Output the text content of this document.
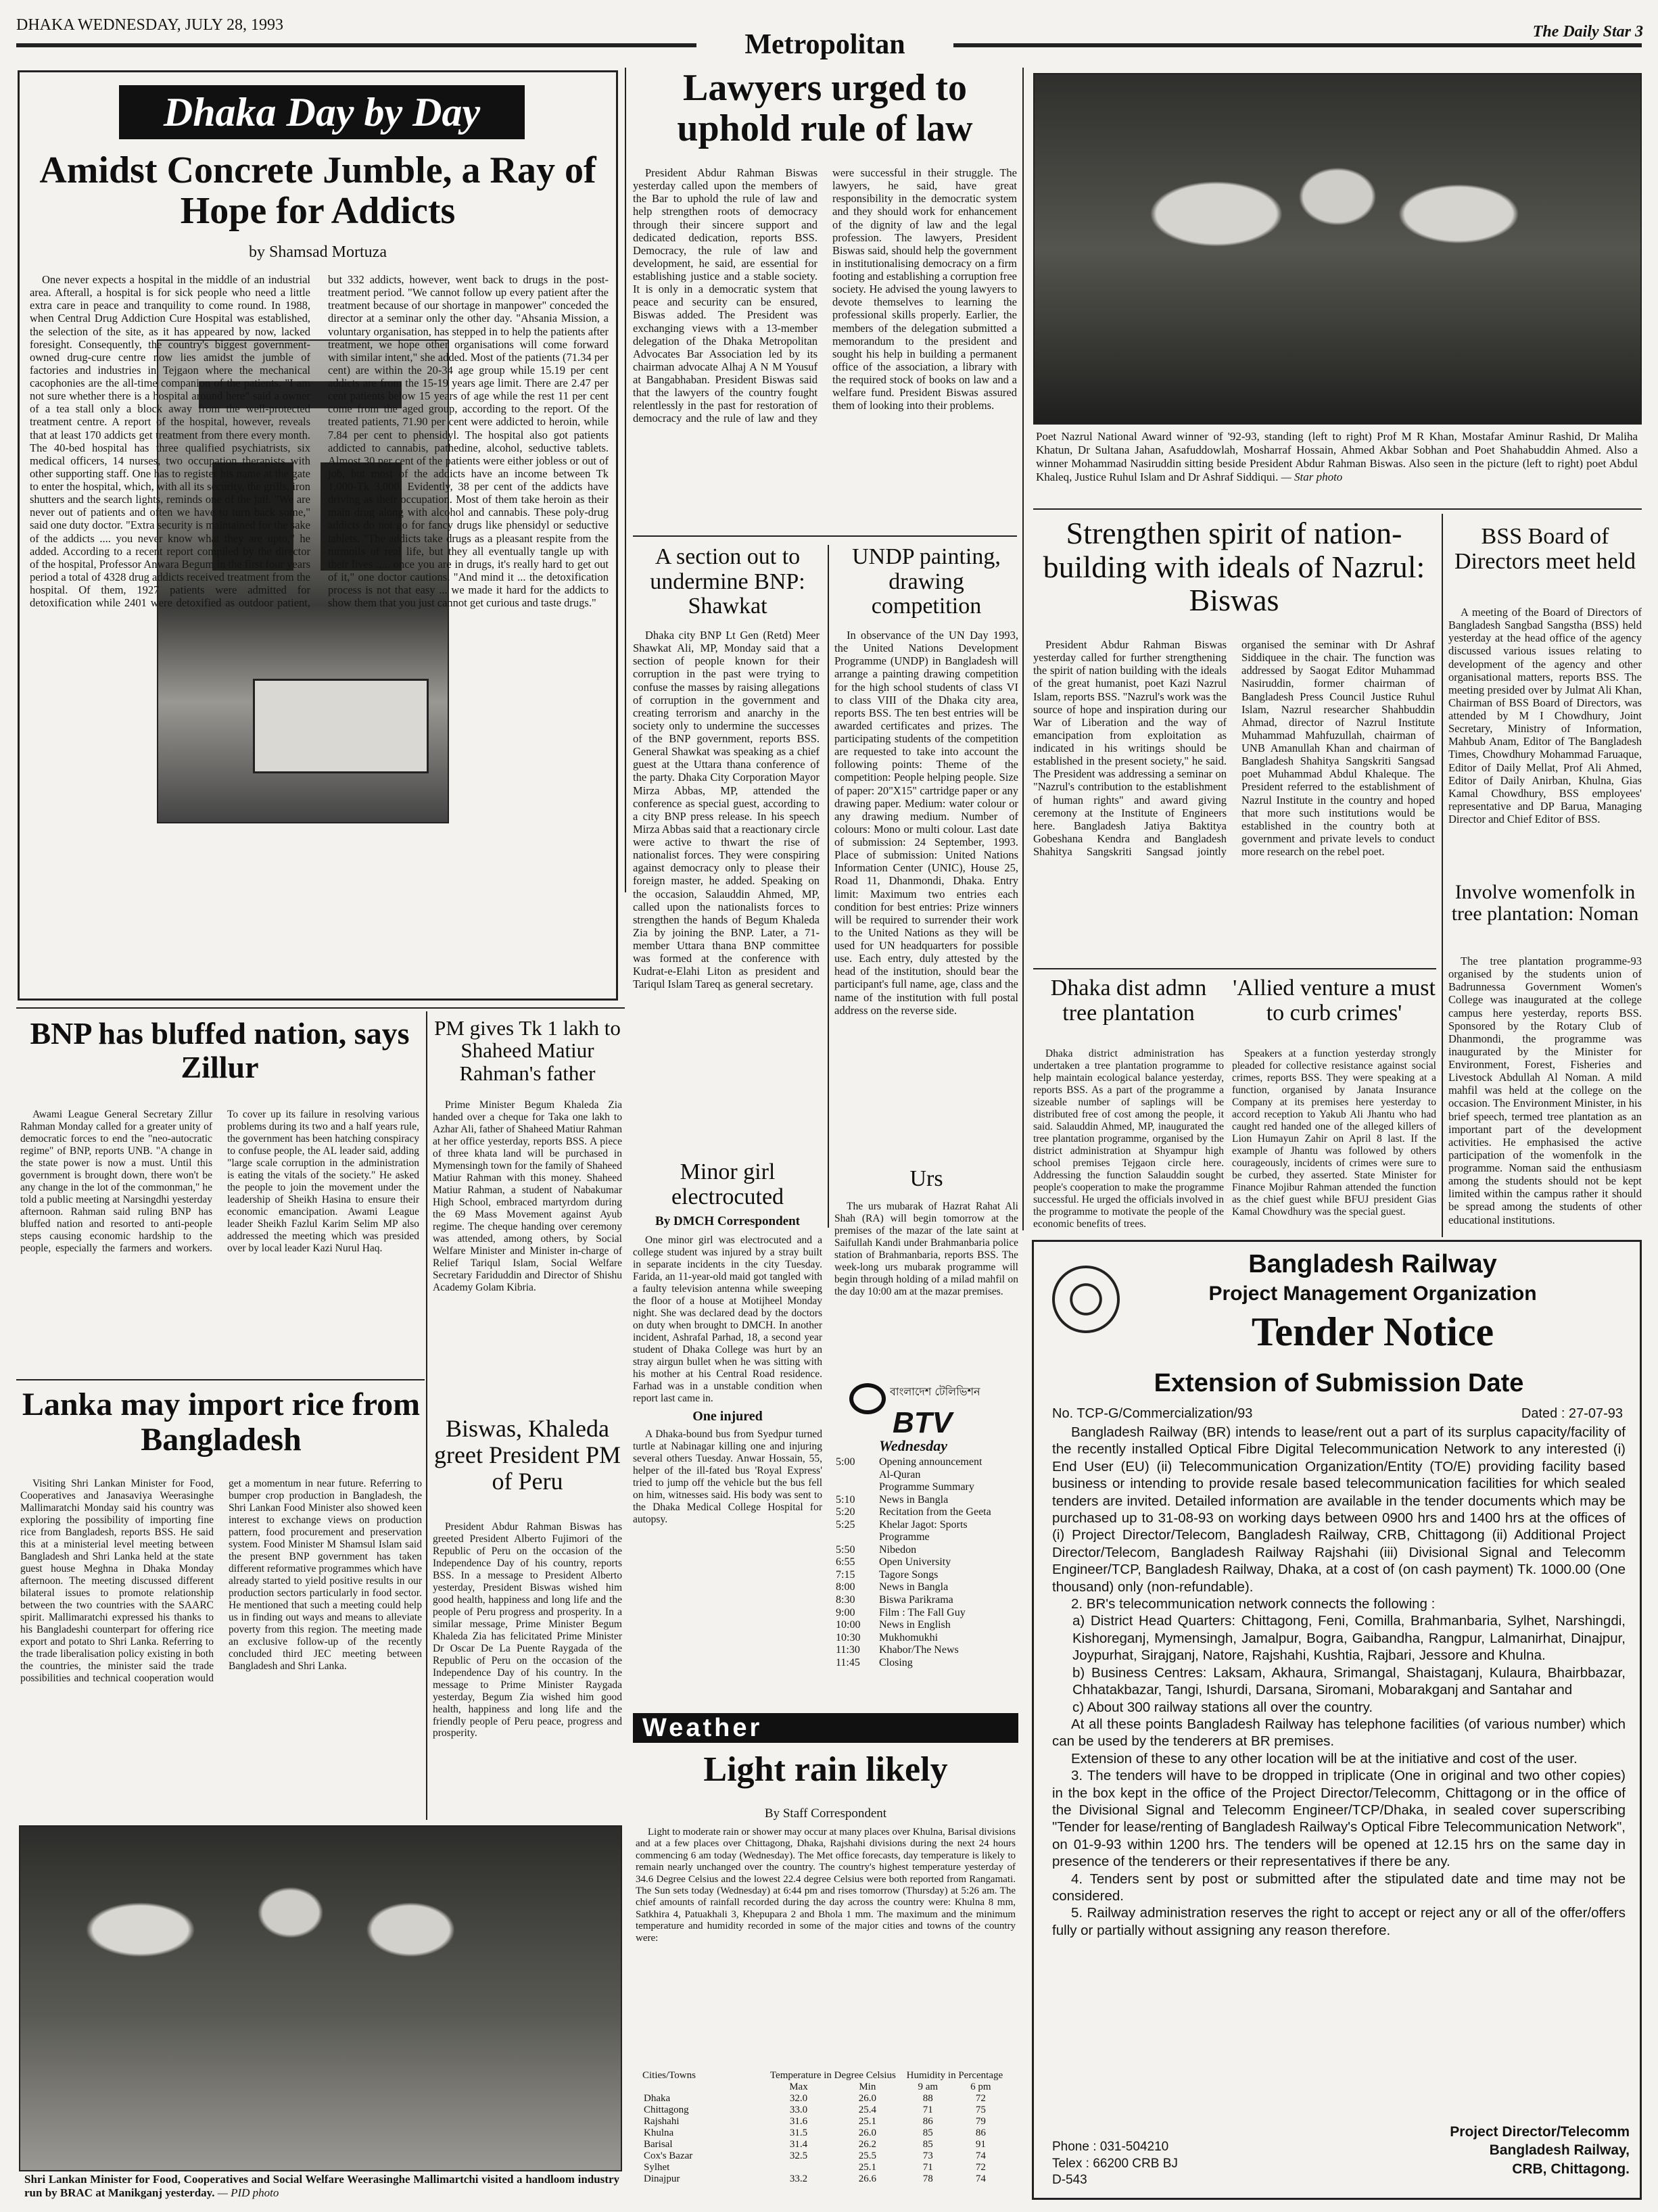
DHAKA WEDNESDAY, JULY 28, 1993
Metropolitan	The Daily Star 3
Dhaka Day by Day
Amidst Concrete Jumble, a Ray of Hope for Addicts
by Shamsad Mortuza

One never expects a hospital in the middle of an industrial area. Afterall, a hospital is for sick people who need a little extra care in peace and tranquility to come round. In 1988, when Central Drug Addiction Cure Hospital was established, the selection of the site, as it has appeared by now, lacked foresight. Consequently, the country's biggest government-owned drug-cure centre now lies amidst the jumble of factories and industries in Tejgaon where the mechanical cacophonies are the all-time companion of the patients. "I am not sure whether there is a hospital around here" said a owner of a tea stall only a block away from the well-protected treatment centre. A report of the hospital, however, reveals that at least 170 addicts get treatment from there every month. The 40-bed hospital has three qualified psychiatrists, six medical officers, 14 nurses, two occupation therapists with other supporting staff. One has to register his name at the gate to enter the hospital, which, with all its security, the grills, iron shutters and the search lights, reminds one of the jail. "We are never out of patients and often we have to turn back some," said one duty doctor. "Extra security is maintained for the sake of the addicts .... you never know what they are upto," he added. According to a recent report compiled by the director of the hospital, Professor Anwara Begum in the first four years period a total of 4328 drug addicts received treatment from the hospital. Of them, 1927 patients were admitted for detoxification while 2401 were detoxified as outdoor patient, but 332 addicts, however, went back to drugs in the post-treatment period. "We cannot follow up every patient after the treatment because of our shortage in manpower" conceded the director at a seminar only the other day. "Ahsania Mission, a voluntary organisation, has stepped in to help the patients after treatment, we hope other organisations will come forward with similar intent," she added. Most of the patients (71.34 per cent) are within the 20-34 age group while 15.19 per cent addicts are from the 15-19 years age limit. There are 2.47 per cent patients below 15 years of age while the rest 11 per cent come from the aged group, according to the report. Of the treated patients, 71.90 per cent were addicted to heroin, while 7.84 per cent to phensidyl. The hospital also got patients addicted to cannabis, pathedine, alcohol, seductive tablets. Almost 30 per cent of the patients were either jobless or out of job, but most of the addicts have an income between Tk 1,000-Tk 3,000. Evidently, 38 per cent of the addicts have driving as their occupation. Most of them take heroin as their main drug along with alcohol and cannabis. These poly-drug addicts do not go for fancy drugs like phensidyl or seductive tablets. "The addicts take drugs as a pleasant respite from the turmoils of real life, but they all eventually tangle up with their lives ..... once you are in drugs, it's really hard to get out of it," one doctor cautions. "And mind it ... the detoxification process is not that easy ... we made it hard for the addicts to show them that you just cannot get curious and taste drugs."

Lawyers urged to uphold rule of law

President Abdur Rahman Biswas yesterday called upon the members of the Bar to uphold the rule of law and help strengthen roots of democracy through their sincere support and dedicated dedication, reports BSS. Democracy, the rule of law and development, he said, are essential for establishing justice and a stable society. It is only in a democratic system that peace and security can be ensured, Biswas added. The President was exchanging views with a 13-member delegation of the Dhaka Metropolitan Advocates Bar Association led by its chairman advocate Alhaj A N M Yousuf at Bangabhaban. President Biswas said that the lawyers of the country fought relentlessly in the past for restoration of democracy and the rule of law and they were successful in their struggle. The lawyers, he said, have great responsibility in the democratic system and they should work for enhancement of the dignity of law and the legal profession. The lawyers, President Biswas said, should help the government in institutionalising democracy on a firm footing and establishing a corruption free society. He advised the young lawyers to devote themselves to learning the professional skills properly. Earlier, the members of the delegation submitted a memorandum to the president and sought his help in building a permanent office of the association, a library with the required stock of books on law and a welfare fund. President Biswas assured them of looking into their problems.

Poet Nazrul National Award winner of '92-93, standing (left to right) Prof M R Khan, Mostafar Aminur Rashid, Dr Maliha Khatun, Dr Sultana Jahan, Asafuddowlah, Mosharraf Hossain, Ahmed Akbar Sobhan and Poet Shahabuddin Ahmed. Also a winner Mohammad Nasiruddin sitting beside President Abdur Rahman Biswas. Also seen in the picture (left to right) poet Abdul Khaleq, Justice Ruhul Islam and Dr Ashraf Siddiqui. — Star photo
A section out to undermine BNP: Shawkat

Dhaka city BNP Lt Gen (Retd) Meer Shawkat Ali, MP, Monday said that a section of people known for their corruption in the past were trying to confuse the masses by raising allegations of corruption in the government and creating terrorism and anarchy in the society only to undermine the successes of the BNP government, reports BSS. General Shawkat was speaking as a chief guest at the Uttara thana conference of the party. Dhaka City Corporation Mayor Mirza Abbas, MP, attended the conference as special guest, according to a city BNP press release. In his speech Mirza Abbas said that a reactionary circle were active to thwart the rise of nationalist forces. They were conspiring against democracy only to please their foreign master, he added. Speaking on the occasion, Salauddin Ahmed, MP, called upon the nationalists forces to strengthen the hands of Begum Khaleda Zia by joining the BNP. Later, a 71-member Uttara thana BNP committee was formed at the conference with Kudrat-e-Elahi Liton as president and Tariqul Islam Tareq as general secretary.

UNDP painting, drawing competition

In observance of the UN Day 1993, the United Nations Development Programme (UNDP) in Bangladesh will arrange a painting drawing competition for the high school students of class VI to class VIII of the Dhaka city area, reports BSS. The ten best entries will be awarded certificates and prizes. The participating students of the competition are requested to take into account the following points: Theme of the competition: People helping people. Size of paper: 20"X15" cartridge paper or any drawing paper. Medium: water colour or any drawing medium. Number of colours: Mono or multi colour. Last date of submission: 24 September, 1993. Place of submission: United Nations Information Center (UNIC), House 25, Road 11, Dhanmondi, Dhaka. Entry limit: Maximum two entries each condition for best entries: Prize winners will be required to surrender their work to the United Nations as they will be used for UN headquarters for possible use. Each entry, duly attested by the head of the institution, should bear the participant's full name, age, class and the name of the institution with full postal address on the reverse side.

Strengthen spirit of nation-building with ideals of Nazrul: Biswas

President Abdur Rahman Biswas yesterday called for further strengthening the spirit of nation building with the ideals of the great humanist, poet Kazi Nazrul Islam, reports BSS. "Nazrul's work was the source of hope and inspiration during our War of Liberation and the way of emancipation from exploitation as indicated in his writings should be established in the present society," he said. The President was addressing a seminar on "Nazrul's contribution to the establishment of human rights" and award giving ceremony at the Institute of Engineers here. Bangladesh Jatiya Baktitya Gobeshana Kendra and Bangladesh Shahitya Sangskriti Sangsad jointly organised the seminar with Dr Ashraf Siddiquee in the chair. The function was addressed by Saogat Editor Muhammad Nasiruddin, former chairman of Bangladesh Press Council Justice Ruhul Islam, Nazrul researcher Shahbuddin Ahmad, director of Nazrul Institute Muhammad Mahfuzullah, chairman of UNB Amanullah Khan and chairman of Bangladesh Shahitya Sangskriti Sangsad poet Muhammad Abdul Khaleque. The President referred to the establishment of Nazrul Institute in the country and hoped that more such institutions would be established in the country both at government and private levels to conduct more research on the rebel poet.

BSS Board of Directors meet held

A meeting of the Board of Directors of Bangladesh Sangbad Sangstha (BSS) held yesterday at the head office of the agency discussed various issues relating to development of the agency and other organisational matters, reports BSS. The meeting presided over by Julmat Ali Khan, Chairman of BSS Board of Directors, was attended by M I Chowdhury, Joint Secretary, Ministry of Information, Mahbub Anam, Editor of The Bangladesh Times, Chowdhury Mohammad Faruaque, Editor of Daily Mellat, Prof Ali Ahmed, Editor of Daily Anirban, Khulna, Gias Kamal Chowdhury, BSS employees' representative and DP Barua, Managing Director and Chief Editor of BSS.

Involve womenfolk in tree plantation: Noman

The tree plantation programme-93 organised by the students union of Badrunnessa Government Women's College was inaugurated at the college campus here yesterday, reports BSS. Sponsored by the Rotary Club of Dhanmondi, the programme was inaugurated by the Minister for Environment, Forest, Fisheries and Livestock Abdullah Al Noman. A mild mahfil was held at the college on the occasion. The Environment Minister, in his brief speech, termed tree plantation as an important part of the development activities. He emphasised the active participation of the womenfolk in the programme. Noman said the enthusiasm among the students should not be kept limited within the campus rather it should be spread among the students of other educational institutions.

Dhaka dist admn tree plantation

Dhaka district administration has undertaken a tree plantation programme to help maintain ecological balance yesterday, reports BSS. As a part of the programme a sizeable number of saplings will be distributed free of cost among the people, it said. Salauddin Ahmed, MP, inaugurated the tree plantation programme, organised by the district administration at Shyampur high school premises Tejgaon circle here. Addressing the function Salauddin sought people's cooperation to make the programme successful. He urged the officials involved in the programme to motivate the people of the economic benefits of trees.

'Allied venture a must to curb crimes'

Speakers at a function yesterday strongly pleaded for collective resistance against social crimes, reports BSS. They were speaking at a function, organised by Janata Insurance Company at its premises here yesterday to accord reception to Yakub Ali Jhantu who had caught red handed one of the alleged killers of Lion Humayun Zahir on April 8 last. If the example of Jhantu was followed by others courageously, incidents of crimes were sure to be curbed, they asserted. State Minister for Finance Mojibur Rahman attended the function as the chief guest while BFUJ president Gias Kamal Chowdhury was the special guest.

BNP has bluffed nation, says Zillur

Awami League General Secretary Zillur Rahman Monday called for a greater unity of democratic forces to end the "neo-autocratic regime" of BNP, reports UNB. "A change in the state power is now a must. Until this government is brought down, there won't be any change in the lot of the commonman," he told a public meeting at Narsingdhi yesterday afternoon. Rahman said ruling BNP has bluffed nation and resorted to anti-people steps causing economic hardship to the people, especially the farmers and workers. To cover up its failure in resolving various problems during its two and a half years rule, the government has been hatching conspiracy to confuse people, the AL leader said, adding "large scale corruption in the administration is eating the vitals of the society." He asked the people to join the movement under the leadership of Sheikh Hasina to ensure their economic emancipation. Awami League leader Sheikh Fazlul Karim Selim MP also addressed the meeting which was presided over by local leader Kazi Nurul Haq.

PM gives Tk 1 lakh to Shaheed Matiur Rahman's father

Prime Minister Begum Khaleda Zia handed over a cheque for Taka one lakh to Azhar Ali, father of Shaheed Matiur Rahman at her office yesterday, reports BSS. A piece of three khata land will be purchased in Mymensingh town for the family of Shaheed Matiur Rahman with this money. Shaheed Matiur Rahman, a student of Nabakumar High School, embraced martyrdom during the 69 Mass Movement against Ayub regime. The cheque handing over ceremony was attended, among others, by Social Welfare Minister and Minister in-charge of Relief Tariqul Islam, Social Welfare Secretary Fariduddin and Director of Shishu Academy Golam Kibria.

Lanka may import rice from Bangladesh

Visiting Shri Lankan Minister for Food, Cooperatives and Janasaviya Weerasinghe Mallimaratchi Monday said his country was exploring the possibility of importing fine rice from Bangladesh, reports BSS. He said this at a ministerial level meeting between Bangladesh and Shri Lanka held at the state guest house Meghna in Dhaka Monday afternoon. The meeting discussed different bilateral issues to promote relationship between the two countries with the SAARC spirit. Mallimaratchi expressed his thanks to his Bangladeshi counterpart for offering rice export and potato to Shri Lanka. Referring to the trade liberalisation policy existing in both the countries, the minister said the trade possibilities and technical cooperation would get a momentum in near future. Referring to bumper crop production in Bangladesh, the Shri Lankan Food Minister also showed keen interest to exchange views on production pattern, food procurement and preservation system. Food Minister M Shamsul Islam said the present BNP government has taken different reformative programmes which have already started to yield positive results in our production sectors particularly in food sector. He mentioned that such a meeting could help us in finding out ways and means to alleviate poverty from this region. The meeting made an exclusive follow-up of the recently concluded third JEC meeting between Bangladesh and Shri Lanka.

Biswas, Khaleda greet President PM of Peru

President Abdur Rahman Biswas has greeted President Alberto Fujimori of the Republic of Peru on the occasion of the Independence Day of his country, reports BSS. In a message to President Alberto yesterday, President Biswas wished him good health, happiness and long life and the people of Peru progress and prosperity. In a similar message, Prime Minister Begum Khaleda Zia has felicitated Prime Minister Dr Oscar De La Puente Raygada of the Republic of Peru on the occasion of the Independence Day of his country. In the message to Prime Minister Raygada yesterday, Begum Zia wished him good health, happiness and long life and the friendly people of Peru peace, progress and prosperity.

Shri Lankan Minister for Food, Cooperatives and Social Welfare Weerasinghe Mallimartchi visited a handloom industry run by BRAC at Manikganj yesterday. — PID photo
Minor girl electrocuted
By DMCH Correspondent

One minor girl was electrocuted and a college student was injured by a stray built in separate incidents in the city Tuesday. Farida, an 11-year-old maid got tangled with a faulty television antenna while sweeping the floor of a house at Motijheel Monday night. She was declared dead by the doctors on duty when brought to DMCH. In another incident, Ashrafal Parhad, 18, a second year student of Dhaka College was hurt by an stray airgun bullet when he was sitting with his mother at his Central Road residence. Farhad was in a unstable condition when report last came in.

One injured

A Dhaka-bound bus from Syedpur turned turtle at Nabinagar killing one and injuring several others Tuesday. Anwar Hossain, 55, helper of the ill-fated bus 'Royal Express' tried to jump off the vehicle but the bus fell on him, witnesses said. His body was sent to the Dhaka Medical College Hospital for autopsy.

Urs

The urs mubarak of Hazrat Rahat Ali Shah (RA) will begin tomorrow at the premises of the mazar of the late saint at Saifullah Kandi under Brahmanbaria police station of Brahmanbaria, reports BSS. The week-long urs mubarak programme will begin through holding of a milad mahfil on the day 10:00 am at the mazar premises.

বাংলাদেশ টেলিভিশন
BTV
Wednesday
5:00	Opening announcement
Al-Quran
Programme Summary
5:10	News in Bangla
5:20	Recitation from the Geeta
5:25	Khelar Jagot: Sports Programme
5:50	Nibedon
6:55	Open University
7:15	Tagore Songs
8:00	News in Bangla
8:30	Biswa Parikrama
9:00	Film : The Fall Guy
10:00	News in English
10:30	Mukhomukhi
11:30	Khabor/The News
11:45	Closing
Weather
Light rain likely
By Staff Correspondent

Light to moderate rain or shower may occur at many places over Khulna, Barisal divisions and at a few places over Chittagong, Dhaka, Rajshahi divisions during the next 24 hours commencing 6 am today (Wednesday). The Met office forecasts, day temperature is likely to remain nearly unchanged over the country. The country's highest temperature yesterday of 34.6 Degree Celsius and the lowest 22.4 degree Celsius were both reported from Rangamati. The Sun sets today (Wednesday) at 6:44 pm and rises tomorrow (Thursday) at 5:26 am. The chief amounts of rainfall recorded during the day across the country were: Khulna 8 mm, Satkhira 4, Patuakhali 3, Khepupara 2 and Bhola 1 mm. The maximum and the minimum temperature and humidity recorded in some of the major cities and towns of the country were:

Cities/Towns	Temperature in Degree Celsius		Humidity in Percentage	
	Max	Min	9 am	6 pm
Dhaka	32.0	26.0	88	72
Chittagong	33.0	25.4	71	75
Rajshahi	31.6	25.1	86	79
Khulna	31.5	26.0	85	86
Barisal	31.4	26.2	85	91
Cox's Bazar	32.5	25.5	73	74
Sylhet		25.1	71	72
Dinajpur	33.2	26.6	78	74
Bangladesh Railway
Project Management Organization
Tender Notice
Extension of Submission Date
No. TCP-G/Commercialization/93	Dated : 27-07-93

Bangladesh Railway (BR) intends to lease/rent out a part of its surplus capacity/facility of the recently installed Optical Fibre Digital Telecommunication Network to any interested (i) End User (EU) (ii) Telecommunication Organization/Entity (TO/E) providing facility based business or intending to provide resale based telecommunication facilities for which sealed tenders are invited. Detailed information are available in the tender documents which may be purchased up to 31-08-93 on working days between 0900 hrs and 1400 hrs at the offices of (i) Project Director/Telecom, Bangladesh Railway, CRB, Chittagong (ii) Additional Project Director/Telecom, Bangladesh Railway Rajshahi (iii) Divisional Signal and Telecomm Engineer/TCP, Bangladesh Railway, Dhaka, at a cost of (on cash payment) Tk. 1000.00 (One thousand) only (non-refundable).

2. BR's telecommunication network connects the following :

a) District Head Quarters: Chittagong, Feni, Comilla, Brahmanbaria, Sylhet, Narshingdi, Kishoreganj, Mymensingh, Jamalpur, Bogra, Gaibandha, Rangpur, Lalmanirhat, Dinajpur, Joypurhat, Sirajganj, Natore, Rajshahi, Kushtia, Rajbari, Jessore and Khulna.

b) Business Centres: Laksam, Akhaura, Srimangal, Shaistaganj, Kulaura, Bhairbbazar, Chhatakbazar, Tangi, Ishurdi, Darsana, Siromani, Mobarakganj and Santahar and

c) About 300 railway stations all over the country.

At all these points Bangladesh Railway has telephone facilities (of various number) which can be used by the tenderers at BR premises.

Extension of these to any other location will be at the initiative and cost of the user.

3. The tenders will have to be dropped in triplicate (One in original and two other copies) in the box kept in the office of the Project Director/Telecomm, Chittagong or in the office of the Divisional Signal and Telecomm Engineer/TCP/Dhaka, in sealed cover superscribing "Tender for lease/renting of Bangladesh Railway's Optical Fibre Telecommunication Network", on 01-9-93 within 1200 hrs. The tenders will be opened at 12.15 hrs on the same day in presence of the tenderers or their representatives if there be any.

4. Tenders sent by post or submitted after the stipulated date and time may not be considered.

5. Railway administration reserves the right to accept or reject any or all of the offer/offers fully or partially without assigning any reason therefore.

Phone : 031-504210
Telex : 66200 CRB BJ
D-543
Project Director/Telecomm
Bangladesh Railway,
CRB, Chittagong.
